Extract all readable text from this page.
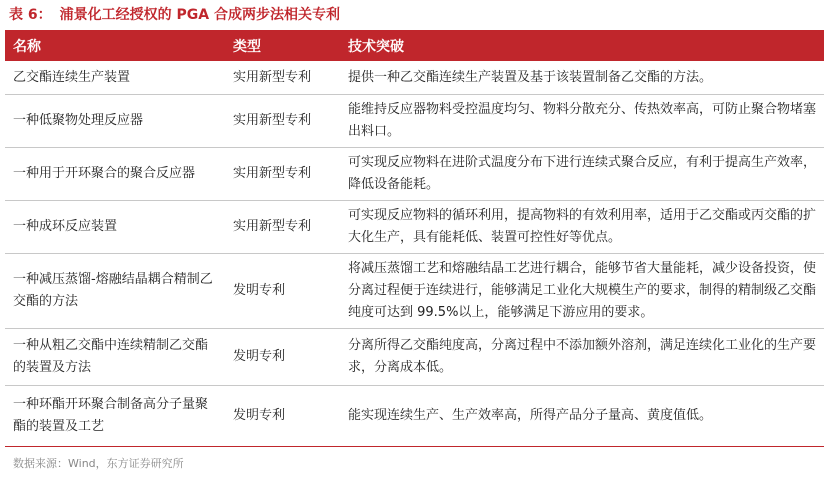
表 6： 浦景化工经授权的 PGA 合成两步法相关专利
名称	类型	技术突破
乙交酯连续生产装置	实用新型专利	提供一种乙交酯连续生产装置及基于该装置制备乙交酯的方法。
一种低聚物处理反应器	实用新型专利	能维持反应器物料受控温度均匀、物料分散充分、传热效率高，可防止聚合物堵塞出料口。
一种用于开环聚合的聚合反应器	实用新型专利	可实现反应物料在进阶式温度分布下进行连续式聚合反应，有利于提高生产效率，降低设备能耗。
一种成环反应装置	实用新型专利	可实现反应物料的循环利用，提高物料的有效利用率，适用于乙交酯或丙交酯的扩大化生产，具有能耗低、装置可控性好等优点。
一种减压蒸馏-熔融结晶耦合精制乙交酯的方法	发明专利	将减压蒸馏工艺和熔融结晶工艺进行耦合，能够节省大量能耗，减少设备投资，使分离过程便于连续进行，能够满足工业化大规模生产的要求，制得的精制级乙交酯纯度可达到 99.5%以上，能够满足下游应用的要求。
一种从粗乙交酯中连续精制乙交酯的装置及方法	发明专利	分离所得乙交酯纯度高，分离过程中不添加额外溶剂，满足连续化工业化的生产要求，分离成本低。
一种环酯开环聚合制备高分子量聚酯的装置及工艺	发明专利	能实现连续生产、生产效率高，所得产品分子量高、黄度值低。
数据来源：Wind，东方证券研究所
